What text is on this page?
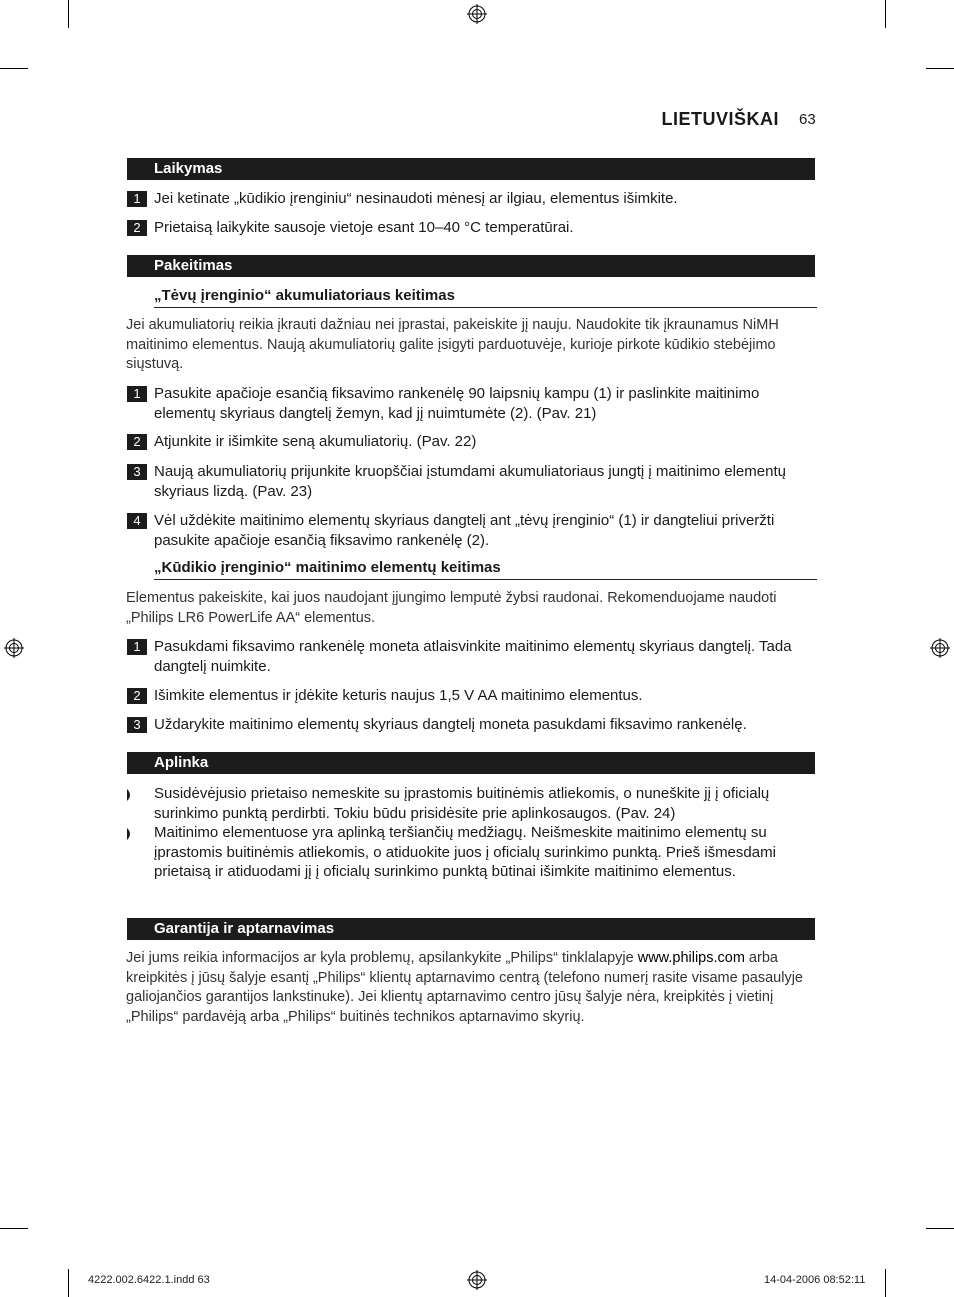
LIETUVIŠKAI 63
Laikymas
1 Jei ketinate „kūdikio įrenginiu“ nesinaudoti mėnesį ar ilgiau, elementus išimkite.
2 Prietaisą laikykite sausoje vietoje esant 10–40 °C temperatūrai.
Pakeitimas
„Tėvų įrenginio“ akumuliatoriaus keitimas
Jei akumuliatorių reikia įkrauti dažniau nei įprastai, pakeiskite jį nauju. Naudokite tik įkraunamus NiMH maitinimo elementus. Naują akumuliatorių galite įsigyti parduotuvėje, kurioje pirkote kūdikio stebėjimo siųstuvą.
1 Pasukite apačioje esančią fiksavimo rankenėlę 90 laipsnių kampu (1) ir paslinkite maitinimo elementų skyriaus dangtelį žemyn, kad jį nuimtumėte (2). (Pav. 21)
2 Atjunkite ir išimkite seną akumuliatorių. (Pav. 22)
3 Naują akumuliatorių prijunkite kruopščiai įstumdami akumuliatoriaus jungtį į maitinimo elementų skyriaus lizdą. (Pav. 23)
4 Vėl uždėkite maitinimo elementų skyriaus dangtelį ant „tėvų įrenginio“ (1) ir dangteliui priveržti pasukite apačioje esančią fiksavimo rankenėlę (2).
„Kūdikio įrenginio“ maitinimo elementų keitimas
Elementus pakeiskite, kai juos naudojant įjungimo lemputė žybsi raudonai. Rekomenduojame naudoti „Philips LR6 PowerLife AA“ elementus.
1 Pasukdami fiksavimo rankenėlę moneta atlaisvinkite maitinimo elementų skyriaus dangtelį. Tada dangtelį nuimkite.
2 Išimkite elementus ir įdėkite keturis naujus 1,5 V AA maitinimo elementus.
3 Uždarykite maitinimo elementų skyriaus dangtelį moneta pasukdami fiksavimo rankenėlę.
Aplinka
Susidėvėjusio prietaiso nemeskite su įprastomis buitinėmis atliekomis, o nuneškite jį į oficialų surinkimo punktą perdirbti. Tokiu būdu prisidėsite prie aplinkosaugos. (Pav. 24)
Maitinimo elementuose yra aplinką teršiančių medžiagų. Neišmeskite maitinimo elementų su įprastomis buitinėmis atliekomis, o atiduokite juos į oficialų surinkimo punktą. Prieš išmesdami prietaisą ir atiduodami jį į oficialų surinkimo punktą būtinai išimkite maitinimo elementus.
Garantija ir aptarnavimas
Jei jums reikia informacijos ar kyla problemų, apsilankykite „Philips“ tinklalapyje www.philips.com arba kreipkitės į jūsų šalyje esantį „Philips“ klientų aptarnavimo centrą (telefono numerį rasite visame pasaulyje galiojančios garantijos lankstinuke). Jei klientų aptarnavimo centro jūsų šalyje nėra, kreipkitės į vietinį „Philips“ pardavėją arba „Philips“ buitinės technikos aptarnavimo skyrių.
4222.002.6422.1.indd 63	14-04-2006 08:52:11
